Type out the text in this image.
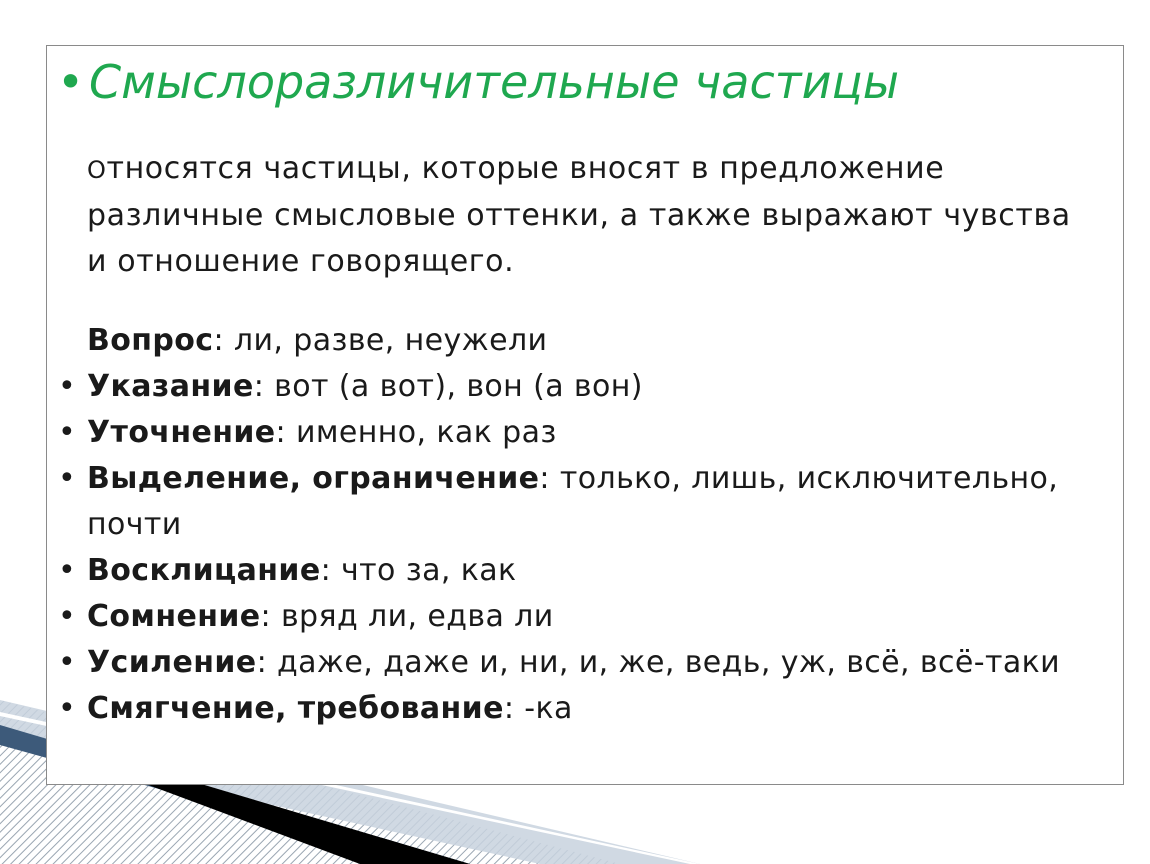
• Смыслоразличительные частицы

Относятся частицы, которые вносят в предложение различные смысловые оттенки, а также выражают чувства и отношение говорящего.

Вопрос: ли, разве, неужели
• Указание: вот (а вот), вон (а вон)
• Уточнение: именно, как раз
• Выделение, ограничение: только, лишь, исключительно, почти
• Восклицание: что за, как
• Сомнение: вряд ли, едва ли
• Усиление: даже, даже и, ни, и, же, ведь, уж, всё, всё-таки
• Смягчение, требование: -ка
